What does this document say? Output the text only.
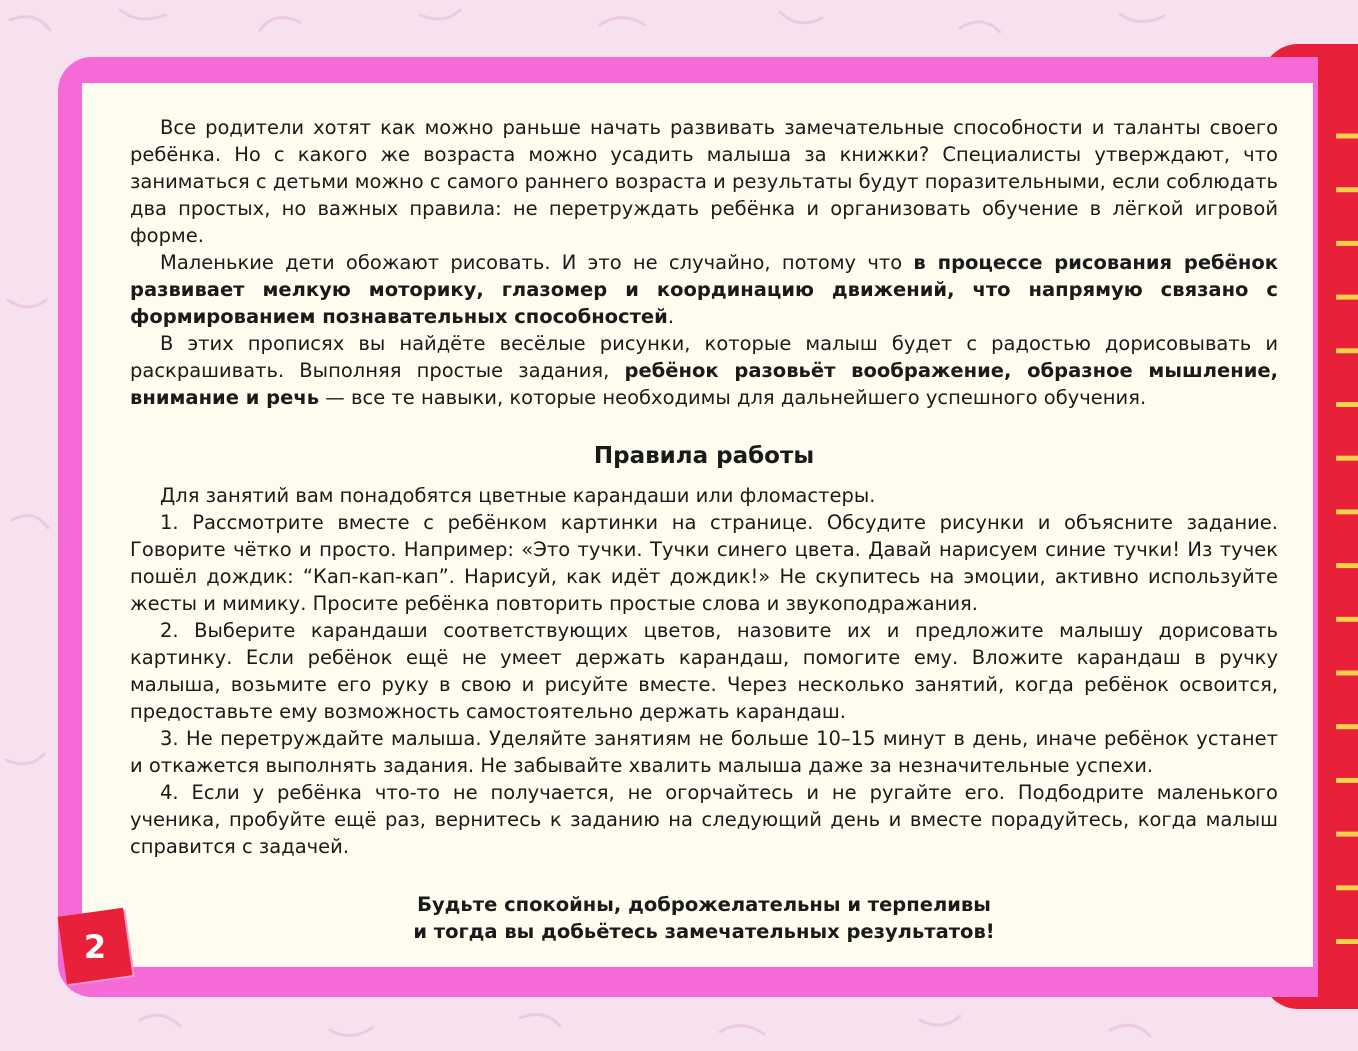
2

Все родители хотят как можно раньше начать развивать замечательные способности и таланты своего ребёнка. Но с какого же возраста можно усадить малыша за книжки? Специалисты утверждают, что заниматься с детьми можно с самого раннего возраста и результаты будут поразительными, если соблюдать два простых, но важных правила: не перетруждать ребёнка и организовать обучение в лёгкой игровой форме.

Маленькие дети обожают рисовать. И это не случайно, потому что в процессе рисования ребёнок развивает мелкую моторику, глазомер и координацию движений, что напрямую связано с формированием познавательных способностей.

В этих прописях вы найдёте весёлые рисунки, которые малыш будет с радостью дорисовывать и раскрашивать. Выполняя простые задания, ребёнок разовьёт воображение, образное мышление, внимание и речь — все те навыки, которые необходимы для дальнейшего успешного обучения.

Правила работы

Для занятий вам понадобятся цветные карандаши или фломастеры.

1. Рассмотрите вместе с ребёнком картинки на странице. Обсудите рисунки и объясните задание. Говорите чётко и просто. Например: «Это тучки. Тучки синего цвета. Давай нарисуем синие тучки! Из тучек пошёл дождик: “Кап-кап-кап”. Нарисуй, как идёт дождик!» Не скупитесь на эмоции, активно используйте жесты и мимику. Просите ребёнка повторить простые слова и звукоподражания.

2. Выберите карандаши соответствующих цветов, назовите их и предложите малышу дорисовать картинку. Если ребёнок ещё не умеет держать карандаш, помогите ему. Вложите карандаш в ручку малыша, возьмите его руку в свою и рисуйте вместе. Через несколько занятий, когда ребёнок освоится, предоставьте ему возможность самостоятельно держать карандаш.

3. Не перетруждайте малыша. Уделяйте занятиям не больше 10–15 минут в день, иначе ребёнок устанет и откажется выполнять задания. Не забывайте хвалить малыша даже за незначительные успехи.

4. Если у ребёнка что-то не получается, не огорчайтесь и не ругайте его. Подбодрите маленького ученика, пробуйте ещё раз, вернитесь к заданию на следующий день и вместе порадуйтесь, когда малыш справится с задачей.

Будьте спокойны, доброжелательны и терпеливы
и тогда вы добьётесь замечательных результатов!
